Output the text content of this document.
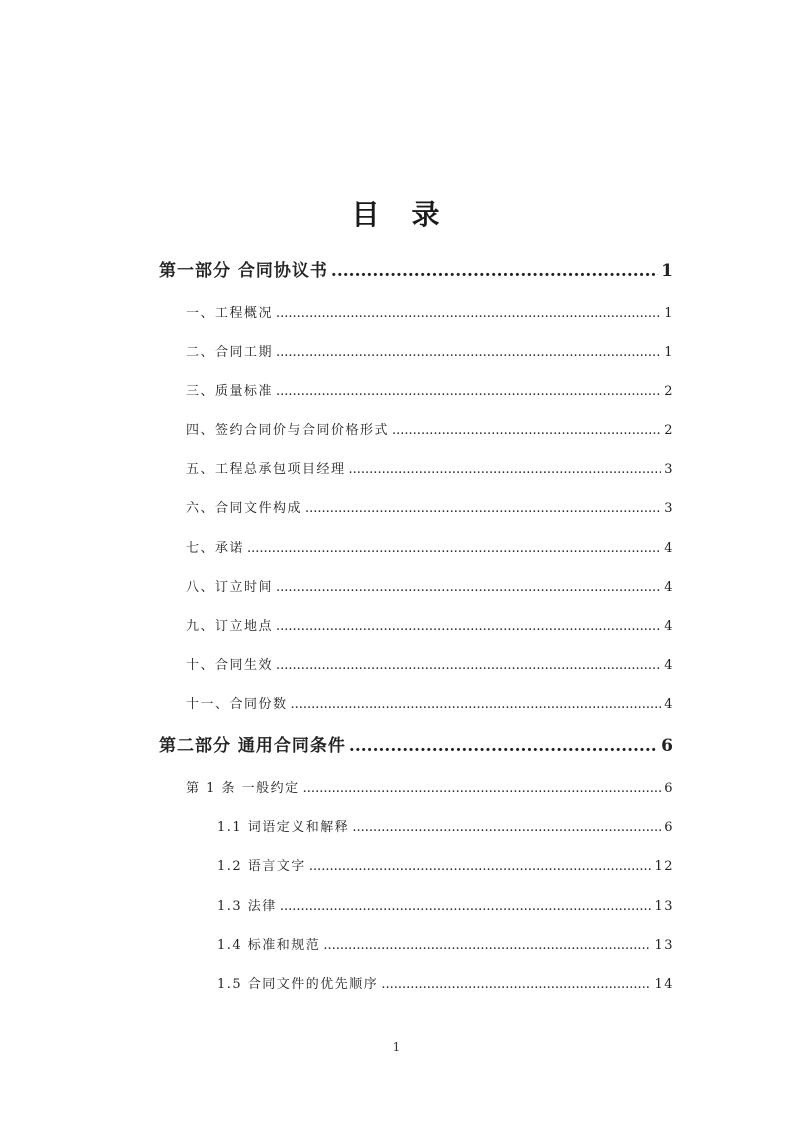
目 录
第一部分 合同协议书 .....	1
一、工程概况 .....	1
二、合同工期 .....	1
三、质量标准 .....	2
四、签约合同价与合同价格形式 .....	2
五、工程总承包项目经理 .....	3
六、合同文件构成 .....	3
七、承诺 .....	4
八、订立时间 .....	4
九、订立地点 .....	4
十、合同生效 .....	4
十一、合同份数 .....	4
第二部分 通用合同条件 .....	6
第 1 条 一般约定 .....	6
1.1 词语定义和解释 .....	6
1.2 语言文字 .....	12
1.3 法律 .....	13
1.4 标准和规范 .....	13
1.5 合同文件的优先顺序 .....	14
1
